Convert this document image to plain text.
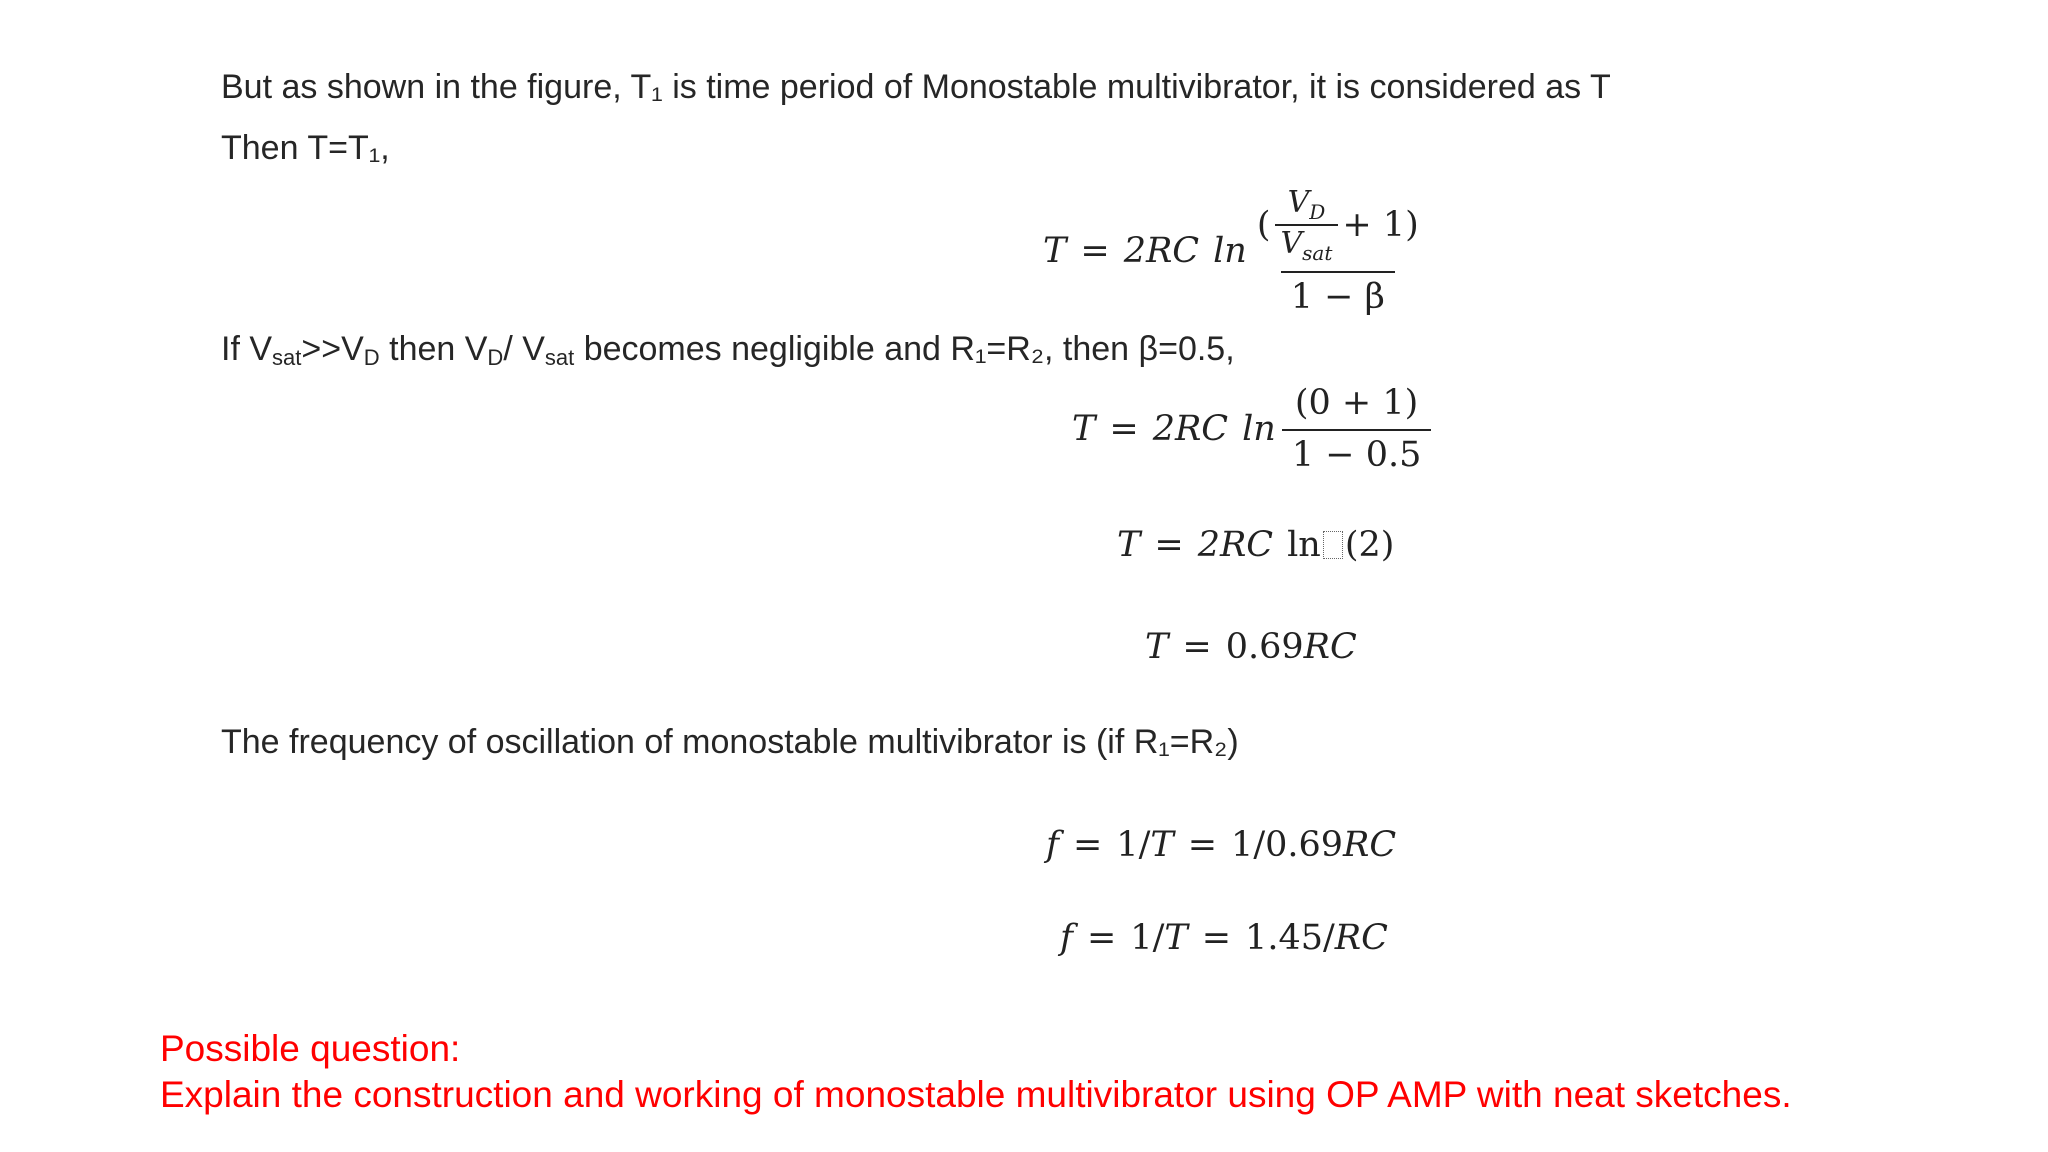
But as shown in the figure, T₁ is time period of Monostable multivibrator, it is considered as T
Then T=T₁,
T = 2RC $\ln \frac{( \frac{V_D}{V_{sat}} + 1)}{1 - \beta}$
If $V_{sat}>>V_D$ then $V_D/$ $V_{sat}$ becomes negligible and R₁=R₂, then β=0.5,
T = 2RC $\ln \frac{(0 + 1)}{1 - 0.5}$
T = 2RC ln (2)
T = 0.69 RC
The frequency of oscillation of monostable multivibrator is (if R₁=R₂)
f = 1/ T = 1/0.69 RC
f = 1/ T = 1.45/ RC
Possible question:
Explain the construction and working of monostable multivibrator using OP AMP with neat sketches.
